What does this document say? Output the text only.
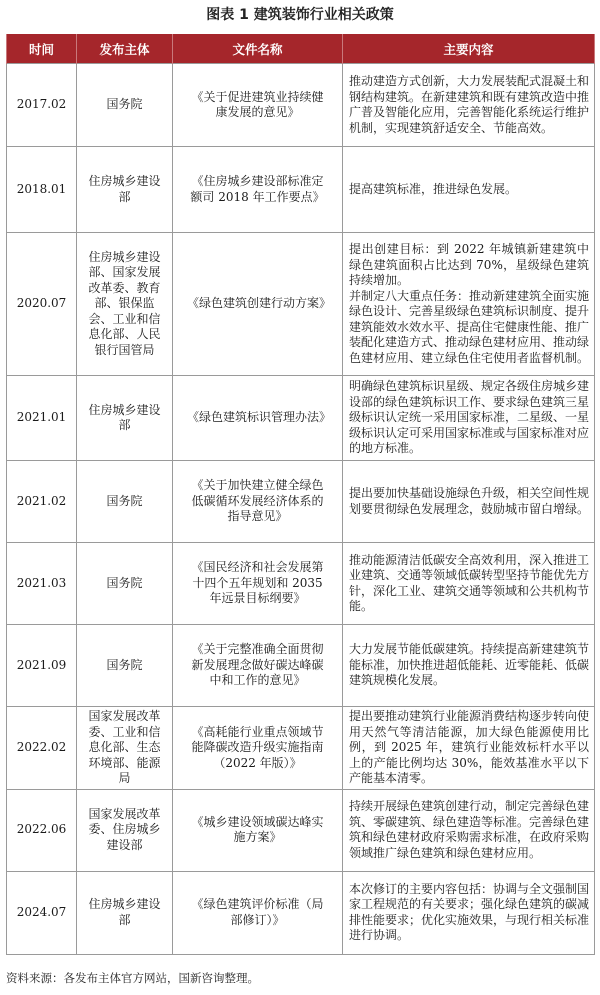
图表 1 建筑装饰行业相关政策
时间	发布主体	文件名称	主要内容
2017.02	国务院	《关于促进建筑业持续健康发展的意见》	推动建造方式创新，大力发展装配式混凝土和钢结构建筑。在新建建筑和既有建筑改造中推广普及智能化应用，完善智能化系统运行维护机制，实现建筑舒适安全、节能高效。

2018.01	住房城乡建设部	《住房城乡建设部标准定额司 2018 年工作要点》	提高建筑标准，推进绿色发展。

2020.07	住房城乡建设部、国家发展改革委、教育部、银保监会、工业和信息化部、人民银行国管局	《绿色建筑创建行动方案》	提出创建目标：到 2022 年城镇新建建筑中绿色建筑面积占比达到 70%，星级绿色建筑持续增加。
并制定八大重点任务：推动新建建筑全面实施绿色设计、完善星级绿色建筑标识制度、提升建筑能效水效水平、提高住宅健康性能、推广装配化建造方式、推动绿色建材应用、推动绿色建材应用、建立绿色住宅使用者监督机制。

2021.01	住房城乡建设部	《绿色建筑标识管理办法》	明确绿色建筑标识星级、规定各级住房城乡建设部的绿色建筑标识工作、要求绿色建筑三星级标识认定统一采用国家标准，二星级、一星级标识认定可采用国家标准或与国家标准对应的地方标准。

2021.02	国务院	《关于加快建立健全绿色低碳循环发展经济体系的指导意见》	提出要加快基础设施绿色升级，相关空间性规划要贯彻绿色发展理念，鼓励城市留白增绿。

2021.03	国务院	《国民经济和社会发展第十四个五年规划和 2035 年远景目标纲要》	推动能源清洁低碳安全高效利用，深入推进工业建筑、交通等领域低碳转型坚持节能优先方针，深化工业、建筑交通等领域和公共机构节能。

2021.09	国务院	《关于完整准确全面贯彻新发展理念做好碳达峰碳中和工作的意见》	大力发展节能低碳建筑。持续提高新建建筑节能标准，加快推进超低能耗、近零能耗、低碳建筑规模化发展。

2022.02	国家发展改革委、工业和信息化部、生态环境部、能源局	《高耗能行业重点领域节能降碳改造升级实施指南（2022 年版）》	提出要推动建筑行业能源消费结构逐步转向使用天然气等清洁能源，加大绿色能源使用比例，到 2025 年，建筑行业能效标杆水平以上的产能比例均达 30%，能效基准水平以下产能基本清零。

2022.06	国家发展改革委、住房城乡建设部	《城乡建设领域碳达峰实施方案》	持续开展绿色建筑创建行动，制定完善绿色建筑、零碳建筑、绿色建造等标准。完善绿色建筑和绿色建材政府采购需求标准，在政府采购领域推广绿色建筑和绿色建材应用。

2024.07	住房城乡建设部	《绿色建筑评价标准（局部修订）》	本次修订的主要内容包括：协调与全文强制国家工程规范的有关要求；强化绿色建筑的碳减排性能要求；优化实施效果，与现行相关标准进行协调。
资料来源：各发布主体官方网站，国新咨询整理。
